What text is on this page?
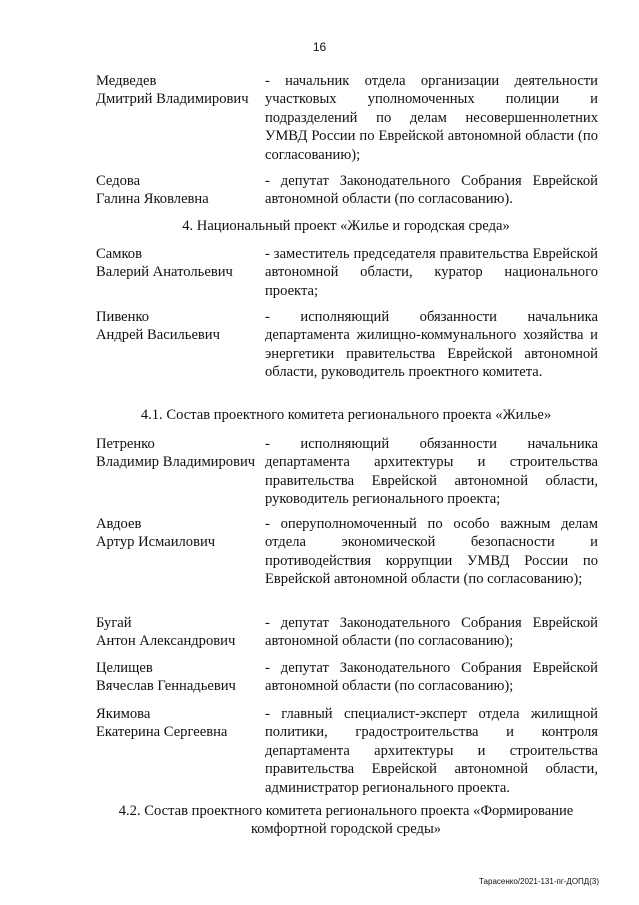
16
Медведев
Дмитрий Владимирович
- начальник отдела организации деятельности участковых уполномоченных полиции и подразделений по делам несовершеннолетних УМВД России по Еврейской автономной области (по согласованию);
Седова
Галина Яковлевна
- депутат Законодательного Собрания Еврейской автономной области (по согласованию).
4. Национальный проект «Жилье и городская среда»
Самков
Валерий Анатольевич
- заместитель председателя правительства Еврейской автономной области, куратор национального проекта;
Пивенко
Андрей Васильевич
- исполняющий обязанности начальника департамента жилищно-коммунального хозяйства и энергетики правительства Еврейской автономной области, руководитель проектного комитета.
4.1. Состав проектного комитета регионального проекта «Жилье»
Петренко
Владимир Владимирович
- исполняющий обязанности начальника департамента архитектуры и строительства правительства Еврейской автономной области, руководитель регионального проекта;
Авдоев
Артур Исмаилович
- оперуполномоченный по особо важным делам отдела экономической безопасности и противодействия коррупции УМВД России по Еврейской автономной области (по согласованию);
Бугай
Антон Александрович
- депутат Законодательного Собрания Еврейской автономной области (по согласованию);
Целищев
Вячеслав Геннадьевич
- депутат Законодательного Собрания Еврейской автономной области (по согласованию);
Якимова
Екатерина Сергеевна
- главный специалист-эксперт отдела жилищной политики, градостроительства и контроля департамента архитектуры и строительства правительства Еврейской автономной области, администратор регионального проекта.
4.2. Состав проектного комитета регионального проекта «Формирование
комфортной городской среды»
Тарасенко/2021-131-пг-ДОПД(3)
